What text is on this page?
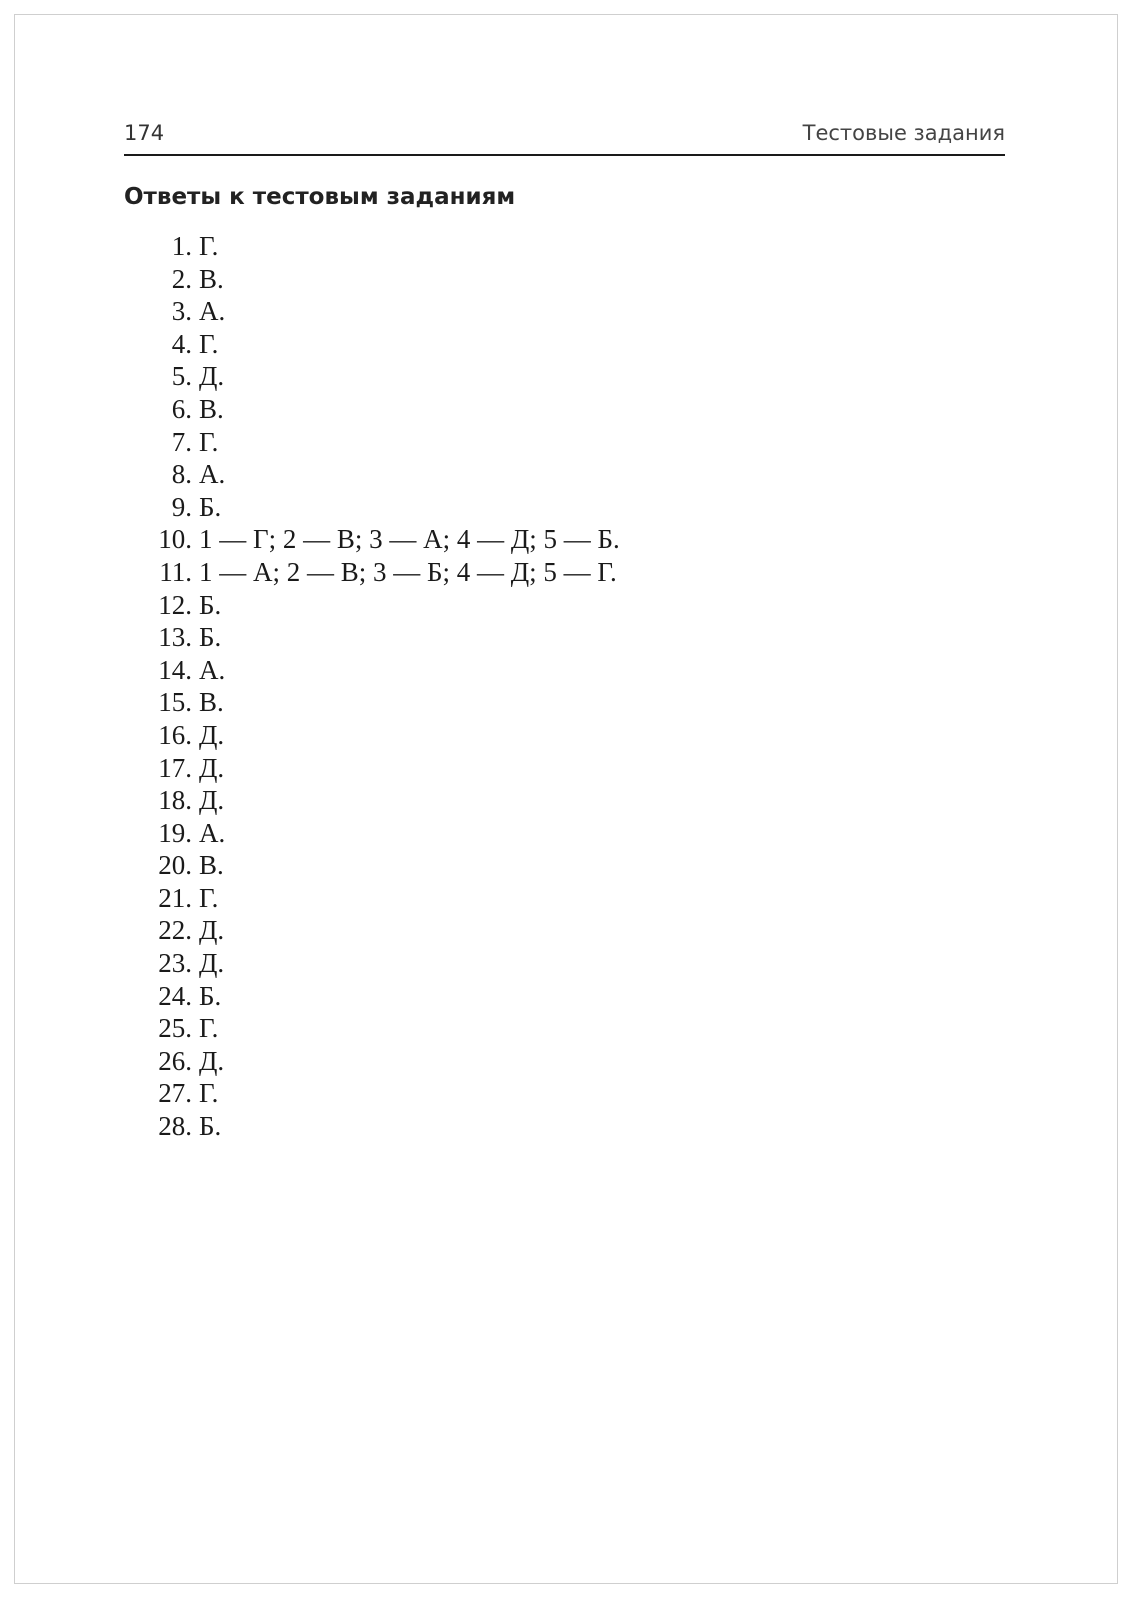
174	Тестовые задания
Ответы к тестовым заданиям
1. Г.
2. В.
3. А.
4. Г.
5. Д.
6. В.
7. Г.
8. А.
9. Б.
10. 1 — Г; 2 — В; 3 — А; 4 — Д; 5 — Б.
11. 1 — А; 2 — В; 3 — Б; 4 — Д; 5 — Г.
12. Б.
13. Б.
14. А.
15. В.
16. Д.
17. Д.
18. Д.
19. А.
20. В.
21. Г.
22. Д.
23. Д.
24. Б.
25. Г.
26. Д.
27. Г.
28. Б.
